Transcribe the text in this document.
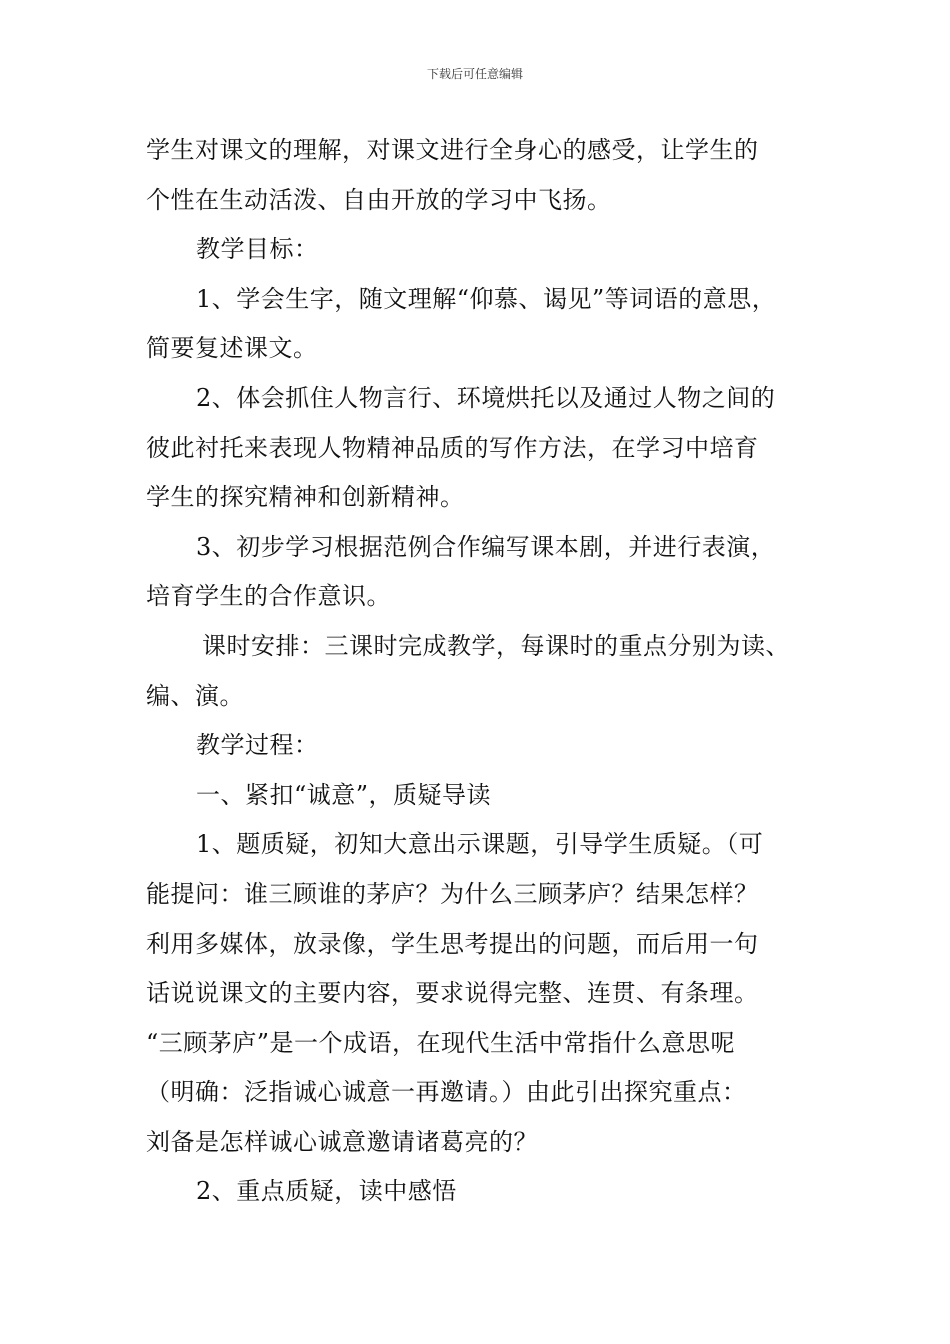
下载后可任意编辑
学生对课文的理解，对课文进行全身心的感受，让学生的
个性在生动活泼、自由开放的学习中飞扬。
教学目标：
1、学会生字，随文理解“仰慕、谒见”等词语的意思，
简要复述课文。
2、体会抓住人物言行、环境烘托以及通过人物之间的
彼此衬托来表现人物精神品质的写作方法，在学习中培育
学生的探究精神和创新精神。
3、初步学习根据范例合作编写课本剧，并进行表演，
培育学生的合作意识。
课时安排：三课时完成教学，每课时的重点分别为读、
编、演。
教学过程：
一、紧扣“诚意”，质疑导读
1、题质疑，初知大意出示课题，引导学生质疑。（可
能提问：谁三顾谁的茅庐？为什么三顾茅庐？结果怎样？
利用多媒体，放录像，学生思考提出的问题，而后用一句
话说说课文的主要内容，要求说得完整、连贯、有条理。
“三顾茅庐”是一个成语，在现代生活中常指什么意思呢
（明确：泛指诚心诚意一再邀请。）由此引出探究重点：
刘备是怎样诚心诚意邀请诸葛亮的？
2、重点质疑，读中感悟
